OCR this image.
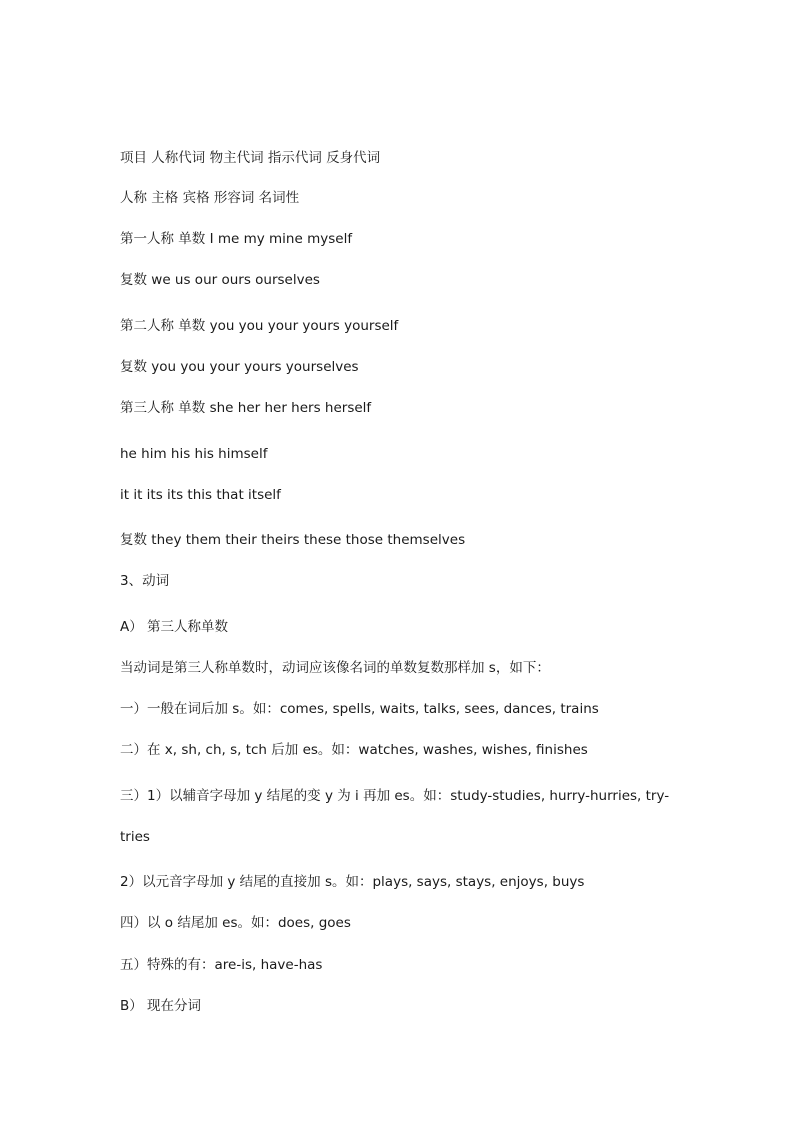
项目 人称代词 物主代词 指示代词 反身代词
人称 主格 宾格 形容词 名词性
第一人称 单数 I me my mine myself
复数 we us our ours ourselves
第二人称 单数 you you your yours yourself
复数 you you your yours yourselves
第三人称 单数 she her her hers herself
he him his his himself
it it its its this that itself
复数 they them their theirs these those themselves
3、动词
A） 第三人称单数
当动词是第三人称单数时，动词应该像名词的单数复数那样加 s，如下：
一）一般在词后加 s。如：comes, spells, waits, talks, sees, dances, trains
二）在 x, sh, ch, s, tch 后加 es。如：watches, washes, wishes, finishes
三）1）以辅音字母加 y 结尾的变 y 为 i 再加 es。如：study-studies, hurry-hurries, try-
tries
2）以元音字母加 y 结尾的直接加 s。如：plays, says, stays, enjoys, buys
四）以 o 结尾加 es。如：does, goes
五）特殊的有：are-is, have-has
B） 现在分词
